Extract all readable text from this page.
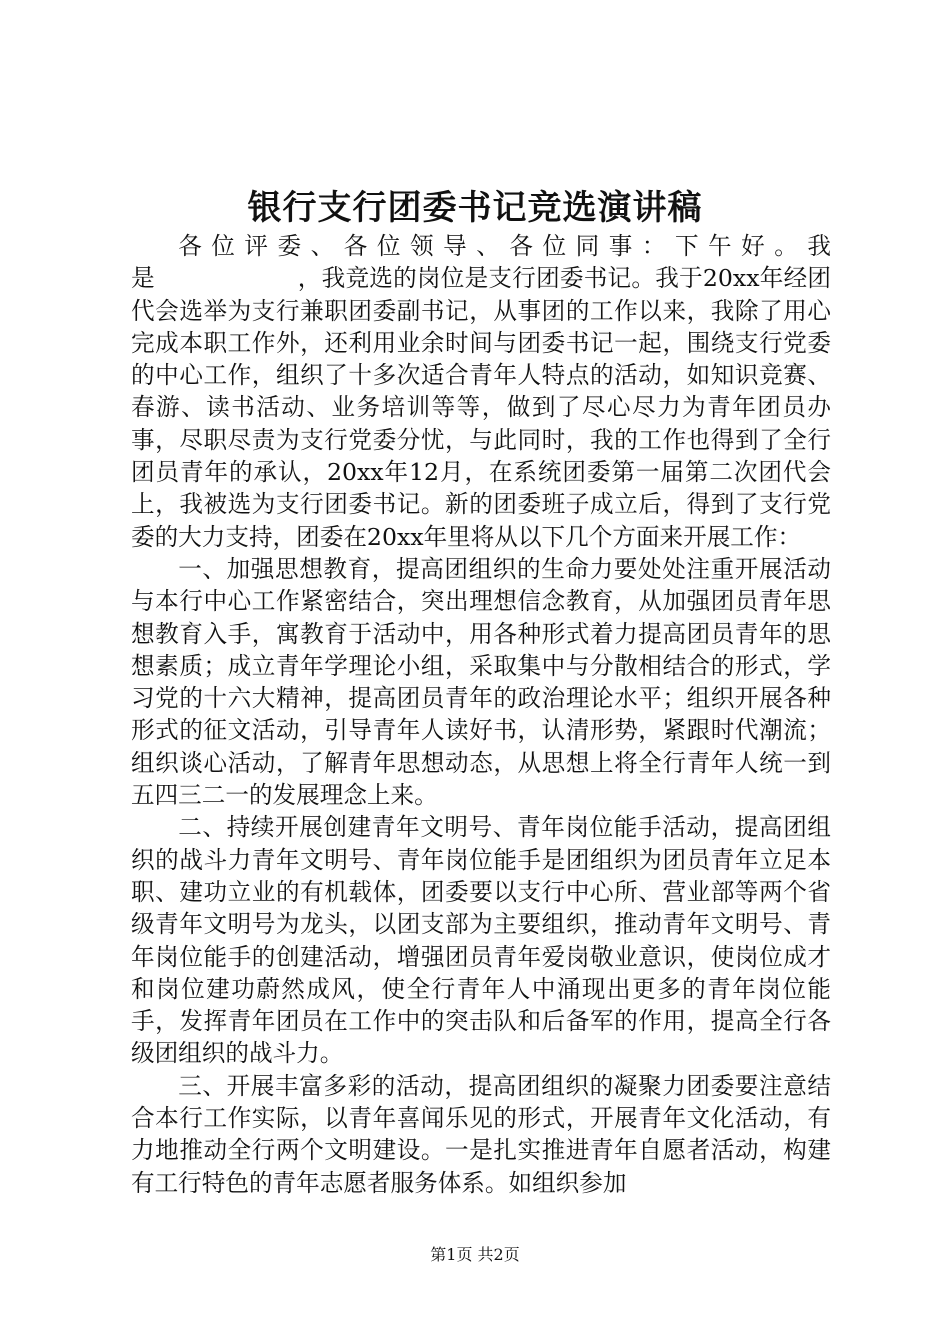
银行支行团委书记竞选演讲稿

各位评委、各位领导、各位同事：下午好。我是　　　　　　，我竞选的岗位是支行团委书记。我于20xx年经团代会选举为支行兼职团委副书记，从事团的工作以来，我除了用心完成本职工作外，还利用业余时间与团委书记一起，围绕支行党委的中心工作，组织了十多次适合青年人特点的活动，如知识竞赛、春游、读书活动、业务培训等等，做到了尽心尽力为青年团员办事，尽职尽责为支行党委分忧，与此同时，我的工作也得到了全行团员青年的承认，20xx年12月，在系统团委第一届第二次团代会上，我被选为支行团委书记。新的团委班子成立后，得到了支行党委的大力支持，团委在20xx年里将从以下几个方面来开展工作：

一、加强思想教育，提高团组织的生命力要处处注重开展活动与本行中心工作紧密结合，突出理想信念教育，从加强团员青年思想教育入手，寓教育于活动中，用各种形式着力提高团员青年的思想素质；成立青年学理论小组，采取集中与分散相结合的形式，学习党的十六大精神，提高团员青年的政治理论水平；组织开展各种形式的征文活动，引导青年人读好书，认清形势，紧跟时代潮流；组织谈心活动，了解青年思想动态，从思想上将全行青年人统一到五四三二一的发展理念上来。

二、持续开展创建青年文明号、青年岗位能手活动，提高团组织的战斗力青年文明号、青年岗位能手是团组织为团员青年立足本职、建功立业的有机载体，团委要以支行中心所、营业部等两个省级青年文明号为龙头，以团支部为主要组织，推动青年文明号、青年岗位能手的创建活动，增强团员青年爱岗敬业意识，使岗位成才和岗位建功蔚然成风，使全行青年人中涌现出更多的青年岗位能手，发挥青年团员在工作中的突击队和后备军的作用，提高全行各级团组织的战斗力。

三、开展丰富多彩的活动，提高团组织的凝聚力团委要注意结合本行工作实际，以青年喜闻乐见的形式，开展青年文化活动，有力地推动全行两个文明建设。一是扎实推进青年自愿者活动，构建有工行特色的青年志愿者服务体系。如组织参加

第1页 共2页
